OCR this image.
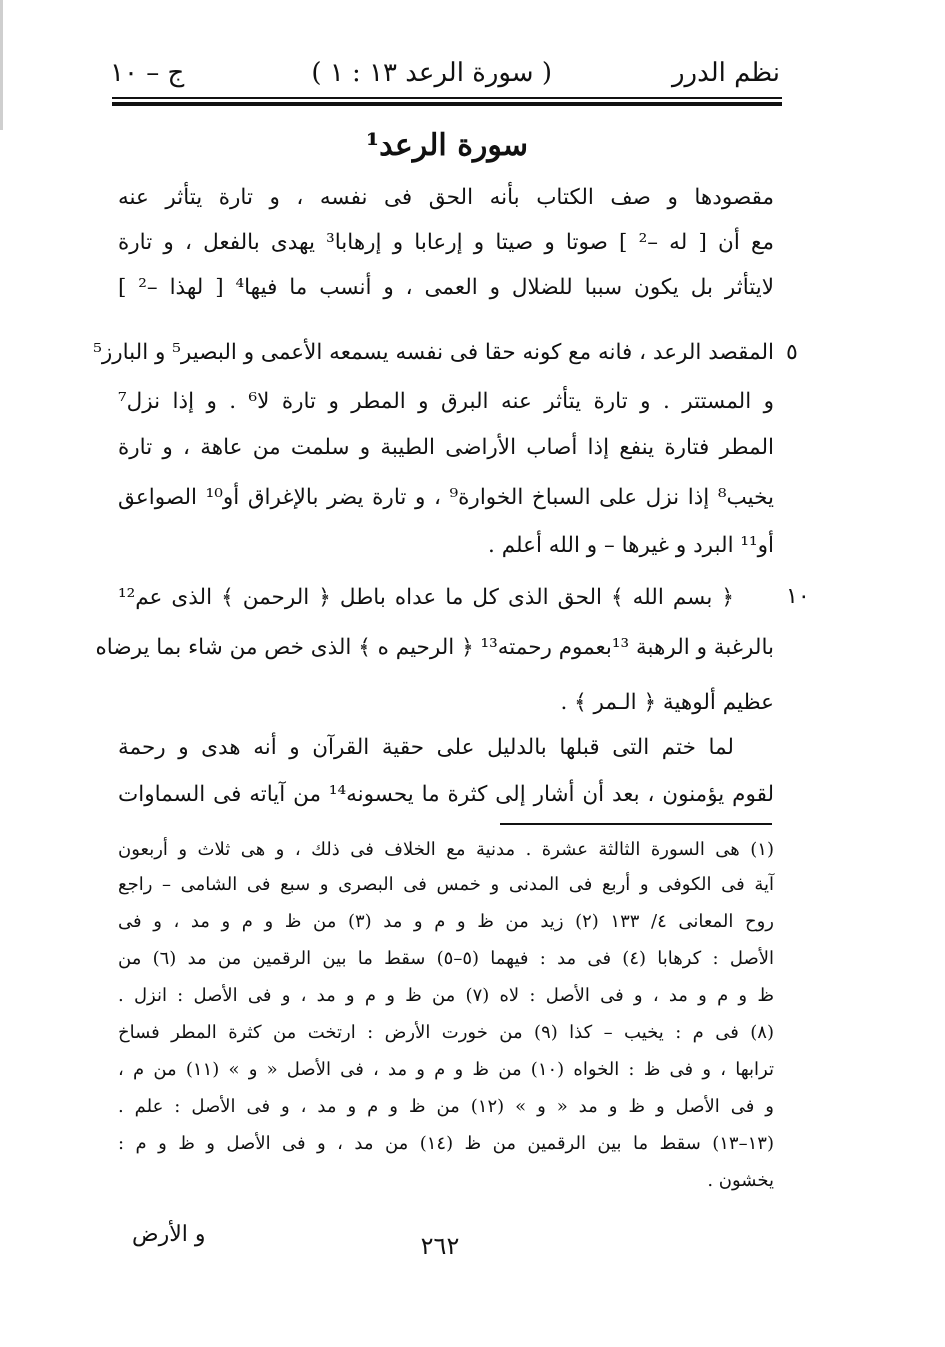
نظم الدرر
( سورة الرعد ١٣ : ١ )
ج – ١٠
سورة الرعد¹
مقصودها و صف الكتاب بأنه الحق فى نفسه ، و تارة يتأثر عنه
مع أن [ له –² ] صوتا و صيتا و إرعابا و إرهابا³ يهدى بالفعل ، و تارة
لايتأثر بل يكون سببا للضلال و العمى ، و أنسب ما فيها⁴ [ لهذا –² ]
المقصد الرعد ، فانه مع كونه حقا فى نفسه يسمعه الأعمى و البصير⁵ و البارز⁵
و المستتر . و تارة يتأثر عنه البرق و المطر و تارة لا⁶ . و إذا نزل⁷
المطر فتارة ينفع إذا أصاب الأراضى الطيبة و سلمت من عاهة ، و تارة
يخيب⁸ إذا نزل على السباخ الخوارة⁹ ، و تارة يضر بالإغراق أو¹⁰ الصواعق
أو¹¹ البرد و غيرها – و الله أعلم .
﴿ بسم الله ﴾ الحق الذى كل ما عداه باطل ﴿ الرحمن ﴾ الذى عم¹²
بالرغبة و الرهبة ¹³بعموم رحمته¹³ ﴿ الرحيم ه ﴾ الذى خص من شاء بما يرضاه
عظيم ألوهية ﴿ الـمر ﴾ .
لما ختم التى قبلها بالدليل على حقية القرآن و أنه هدى و رحمة
لقوم يؤمنون ، بعد أن أشار إلى كثرة ما يحسونه¹⁴ من آياته فى السماوات
٥
١٠
(١) هى السورة الثالثة عشرة . مدنية مع الخلاف فى ذلك ، و هى ثلاث و أربعون
آية فى الكوفى و أربع فى المدنى و خمس فى البصرى و سبع فى الشامى – راجع
روح المعانى ٤/ ١٣٣ (٢) زيد من ظ و م و مد (٣) من ظ و م و مد ، و فى
الأصل : كرهابا (٤) فى مد : فيهما (٥–٥) سقط ما بين الرقمين من مد (٦) من
ظ و م و مد ، و فى الأصل : لاه (٧) من ظ و م و مد ، و فى الأصل : انزل .
(٨) فى م : يخيب – كذا (٩) من خورت الأرض : ارتخت من كثرة المطر فساخ
ترابها ، و فى ظ : الخواه (١٠) من ظ و م و مد ، فى الأصل « و » (١١) من م ،
و فى الأصل و ظ و مد « و » (١٢) من ظ و م و مد ، و فى الأصل : علم .
(١٣–١٣) سقط ما بين الرقمين من ظ (١٤) من مد ، و فى الأصل و ظ و م :
يخشون .
و الأرض	٢٦٢
